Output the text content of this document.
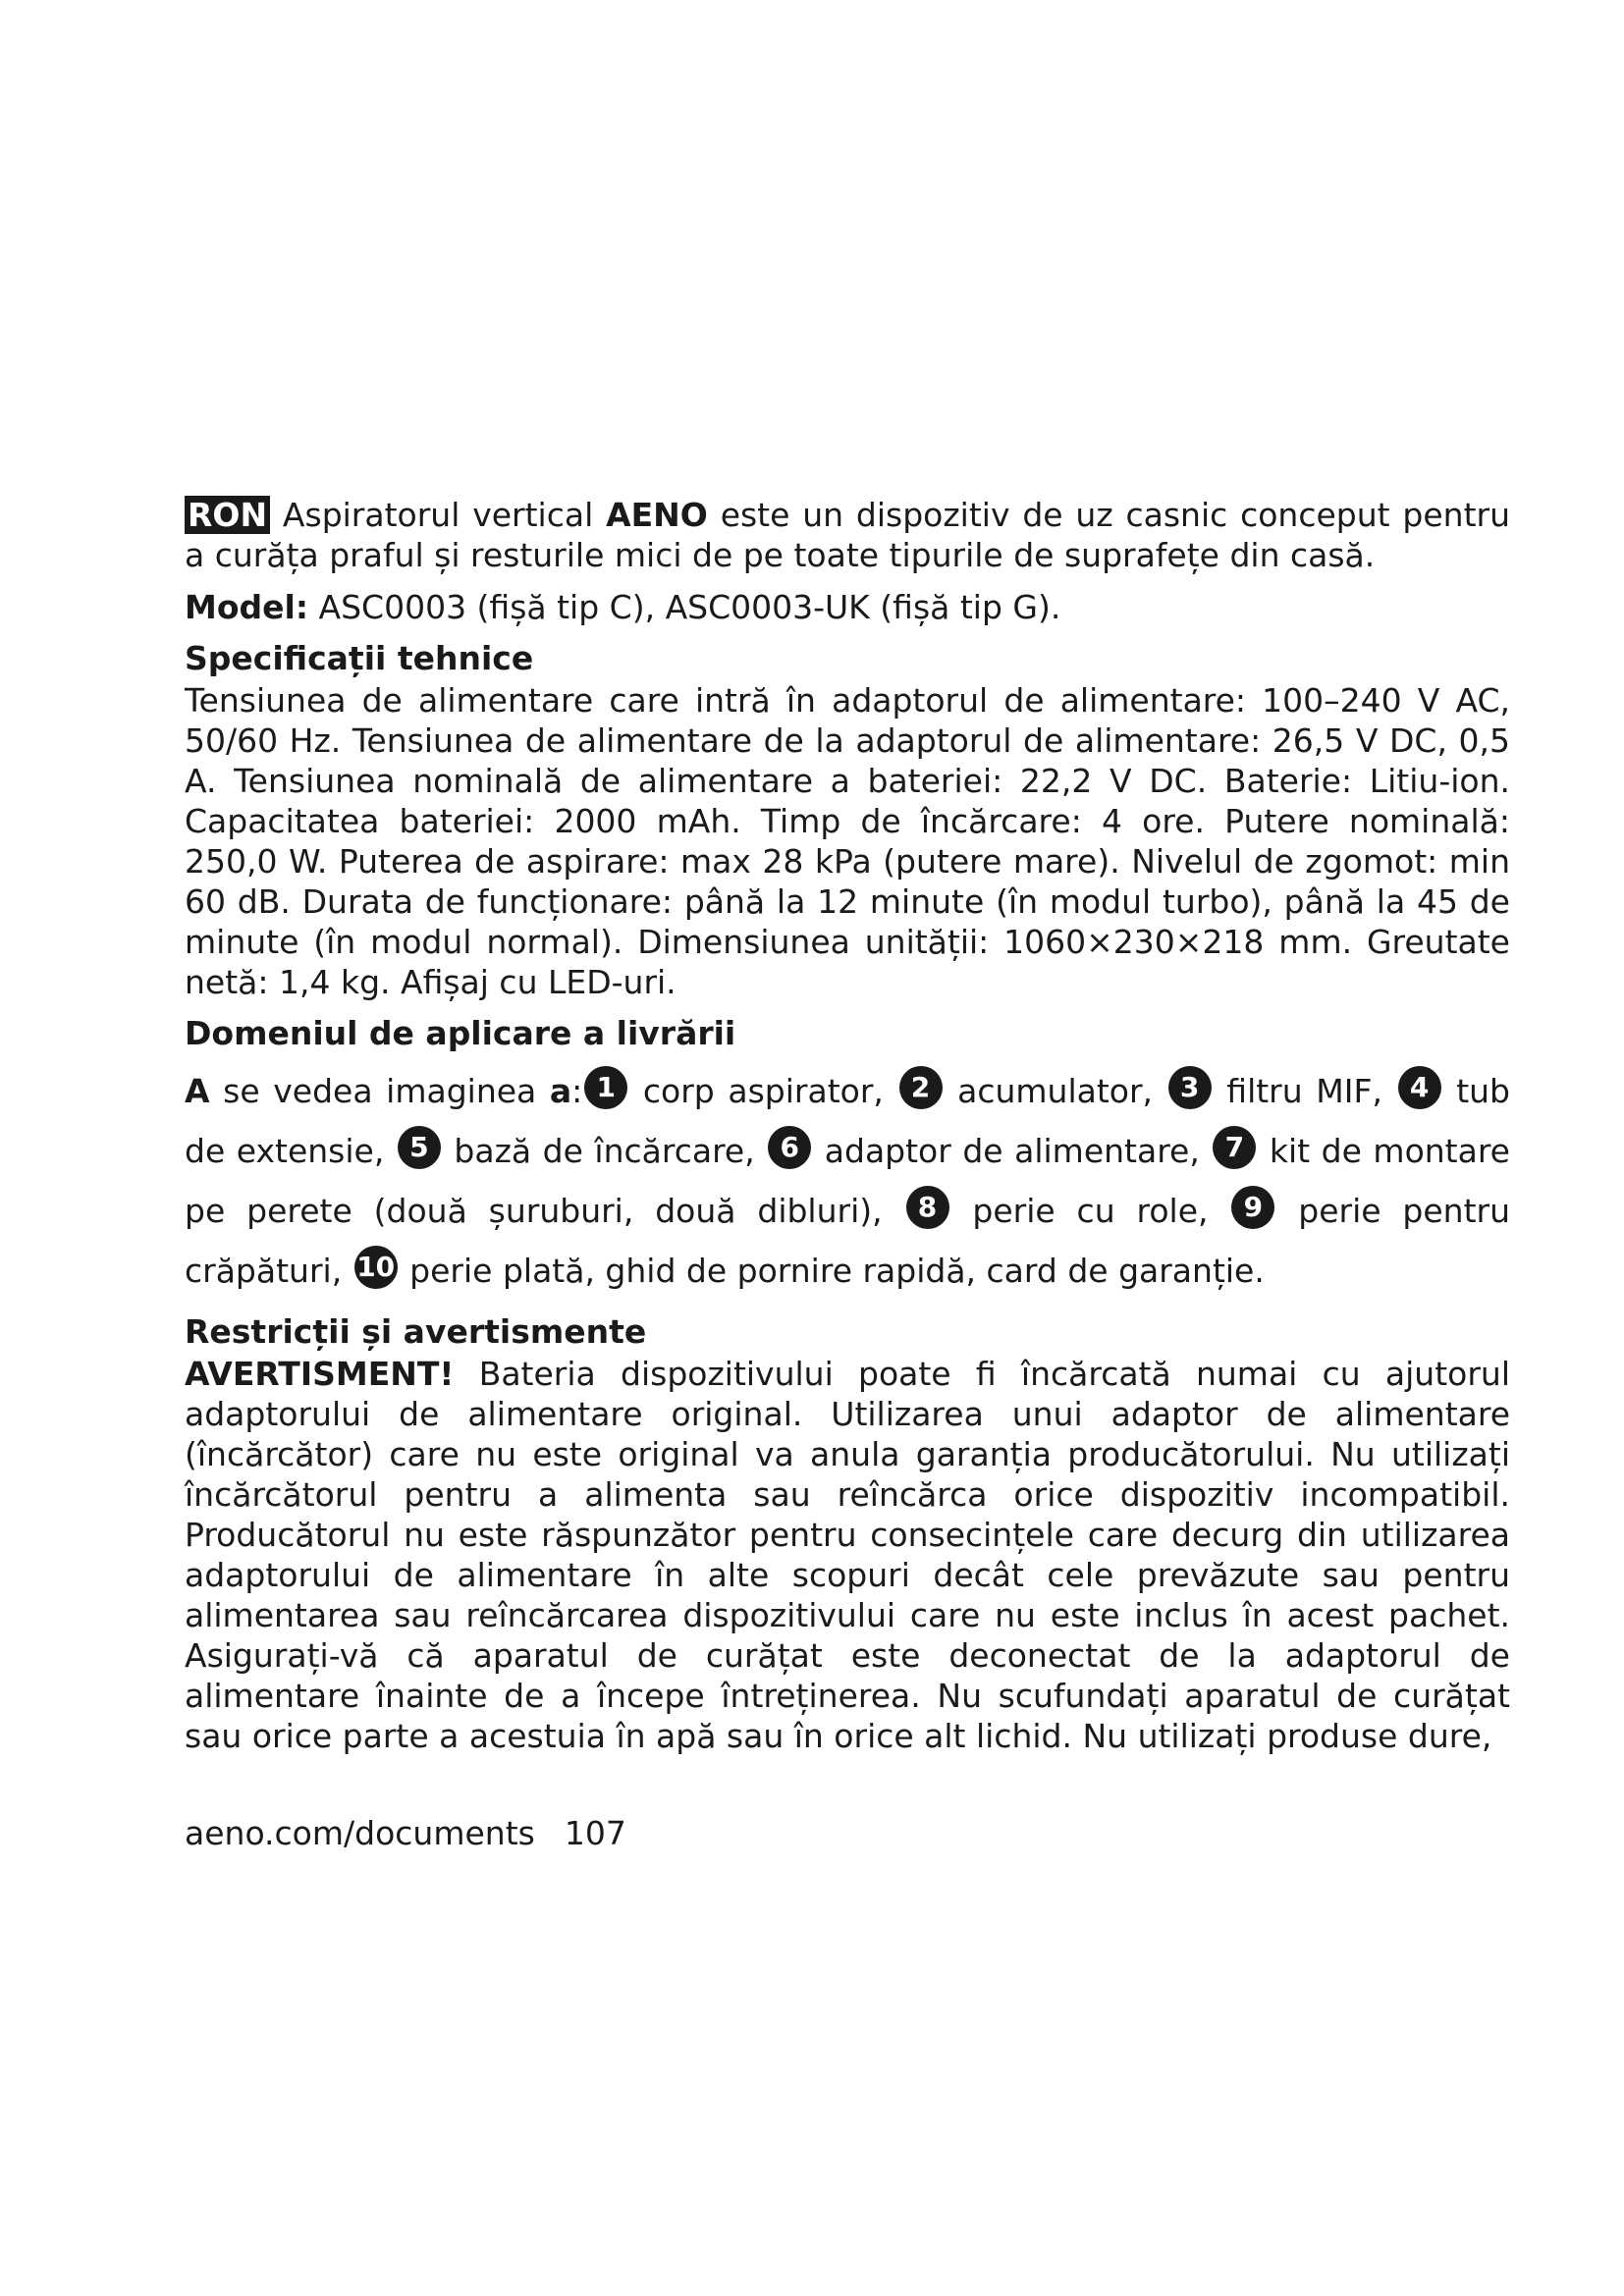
RON Aspiratorul vertical AENO este un dispozitiv de uz casnic conceput pentru a curăța praful și resturile mici de pe toate tipurile de suprafețe din casă.

Model: ASC0003 (fișă tip C), ASC0003-UK (fișă tip G).

Specificații tehnice

Tensiunea de alimentare care intră în adaptorul de alimentare: 100–240 V AC, 50/60 Hz. Tensiunea de alimentare de la adaptorul de alimentare: 26,5 V DC, 0,5 A. Tensiunea nominală de alimentare a bateriei: 22,2 V DC. Baterie: Litiu-ion. Capacitatea bateriei: 2000 mAh. Timp de încărcare: 4 ore. Putere nominală: 250,0 W. Puterea de aspirare: max 28 kPa (putere mare). Nivelul de zgomot: min 60 dB. Durata de funcționare: până la 12 minute (în modul turbo), până la 45 de minute (în modul normal). Dimensiunea unității: 1060×230×218 mm. Greutate netă: 1,4 kg. Afișaj cu LED-uri.

Domeniul de aplicare a livrării

A se vedea imaginea a: 1 corp aspirator, 2 acumulator, 3 filtru MIF, 4 tub de extensie, 5 bază de încărcare, 6 adaptor de alimentare, 7 kit de montare pe perete (două șuruburi, două dibluri), 8 perie cu role, 9 perie pentru crăpături, 10 perie plată, ghid de pornire rapidă, card de garanție.

Restricții și avertismente

AVERTISMENT! Bateria dispozitivului poate fi încărcată numai cu ajutorul adaptorului de alimentare original. Utilizarea unui adaptor de alimentare (încărcător) care nu este original va anula garanția producătorului. Nu utilizați încărcătorul pentru a alimenta sau reîncărca orice dispozitiv incompatibil. Producătorul nu este răspunzător pentru consecințele care decurg din utilizarea adaptorului de alimentare în alte scopuri decât cele prevăzute sau pentru alimentarea sau reîncărcarea dispozitivului care nu este inclus în acest pachet. Asigurați-vă că aparatul de curățat este deconectat de la adaptorul de alimentare înainte de a începe întreținerea. Nu scufundați aparatul de curățat sau orice parte a acestuia în apă sau în orice alt lichid. Nu utilizați produse dure,

aeno.com/documents 107
